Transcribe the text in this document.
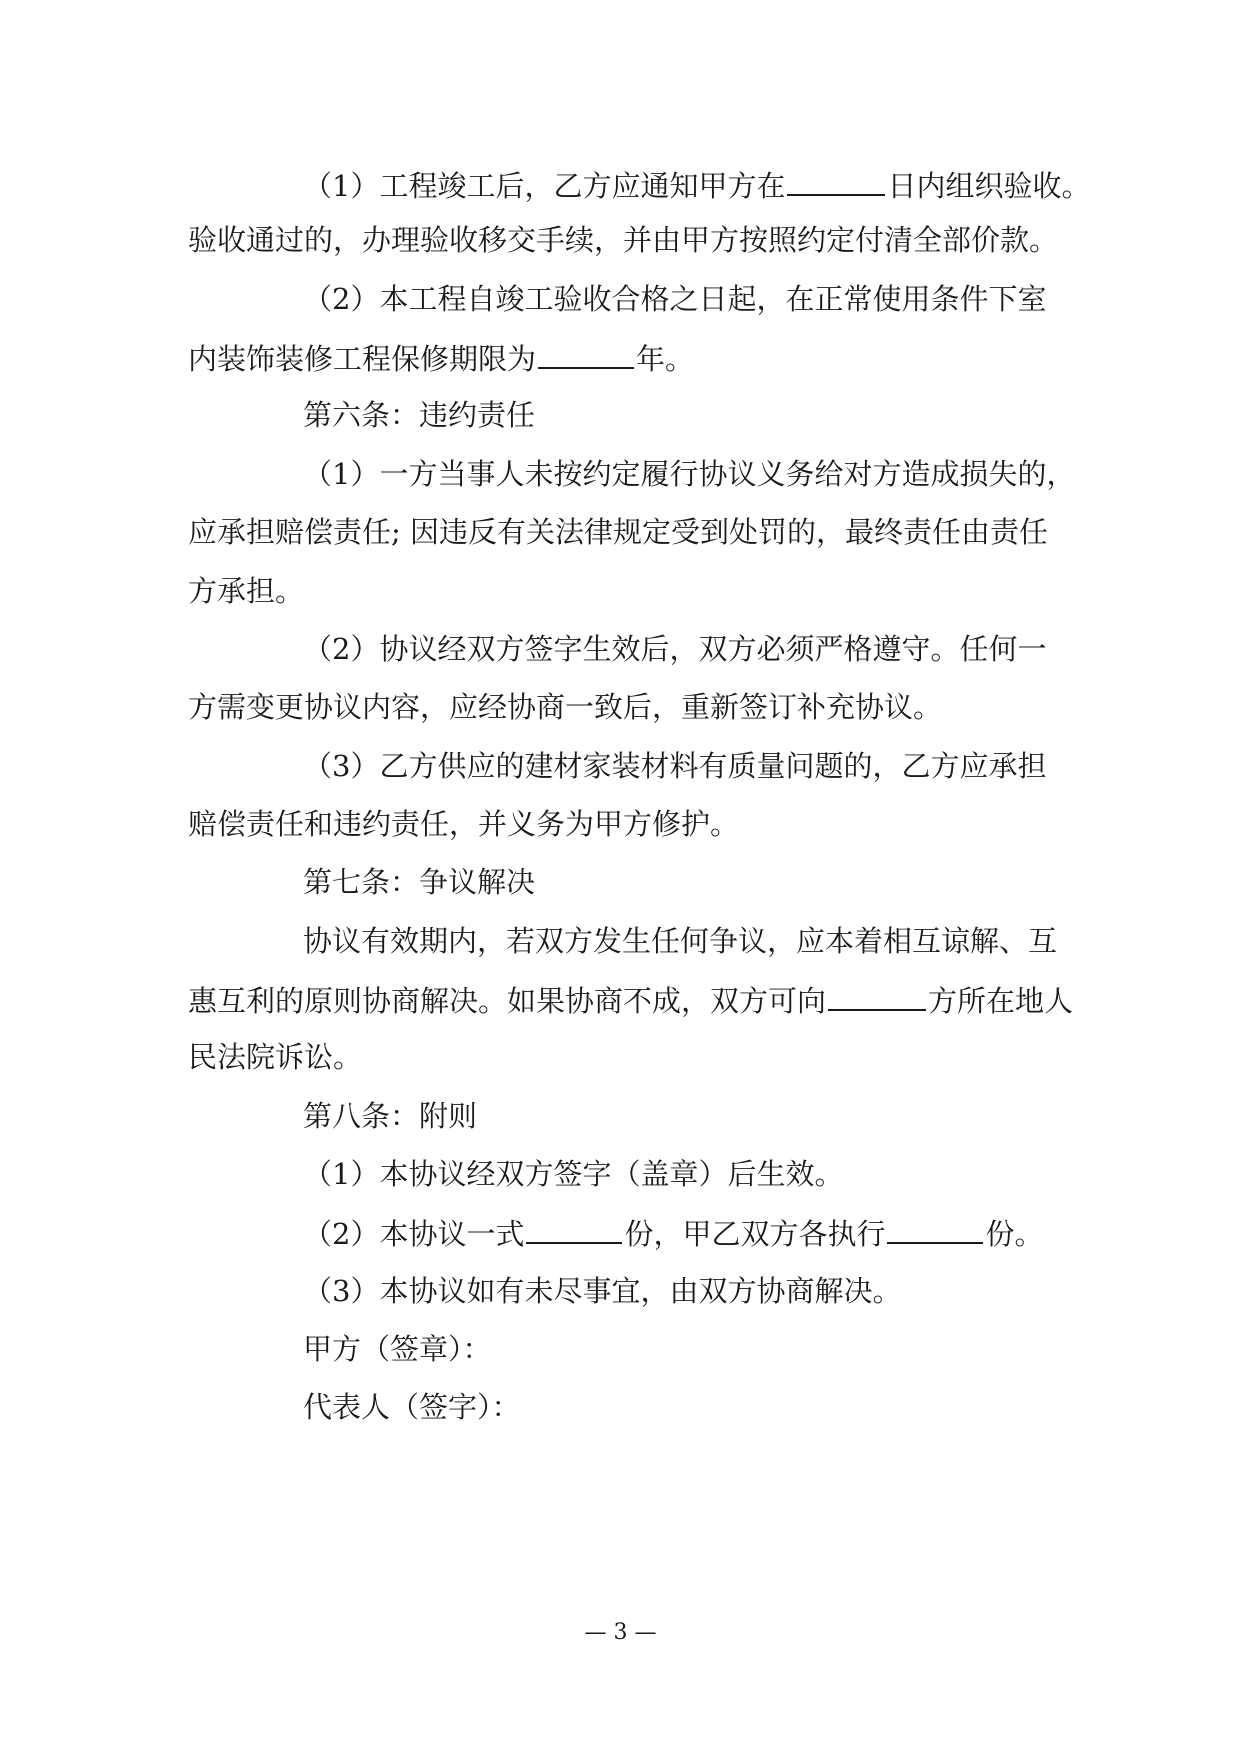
（1）工程竣工后，乙方应通知甲方在	日内组织验收。
验收通过的，办理验收移交手续，并由甲方按照约定付清全部价款。
（2）本工程自竣工验收合格之日起，在正常使用条件下室
内装饰装修工程保修期限为	年。
第六条：违约责任
（1）一方当事人未按约定履行协议义务给对方造成损失的，
应承担赔偿责任; 因违反有关法律规定受到处罚的，最终责任由责任
方承担。
（2）协议经双方签字生效后，双方必须严格遵守。任何一
方需变更协议内容，应经协商一致后，重新签订补充协议。
（3）乙方供应的建材家装材料有质量问题的，乙方应承担
赔偿责任和违约责任，并义务为甲方修护。
第七条：争议解决
协议有效期内，若双方发生任何争议，应本着相互谅解、互
惠互利的原则协商解决。如果协商不成，双方可向	方所在地人
民法院诉讼。
第八条：附则
（1）本协议经双方签字（盖章）后生效。
（2）本协议一式	份，甲乙双方各执行	份。
（3）本协议如有未尽事宜，由双方协商解决。
甲方（签章）：
代表人（签字）：
— 3 —
